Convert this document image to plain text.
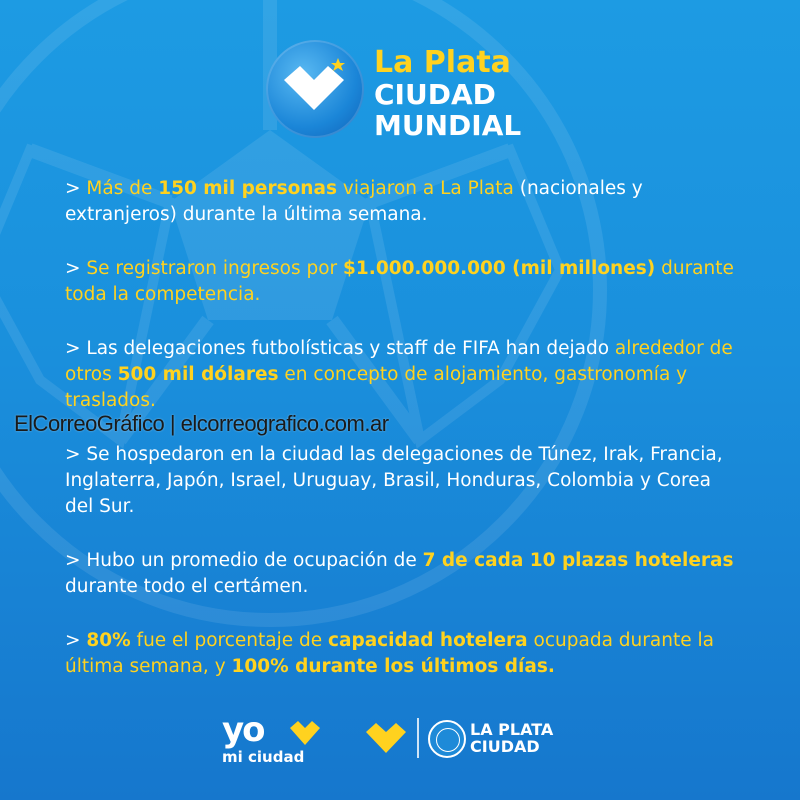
La Plata
CIUDAD
MUNDIAL

> Más de 150 mil personas viajaron a La Plata (nacionales y extranjeros) durante la última semana.

> Se registraron ingresos por $1.000.000.000 (mil millones) durante toda la competencia.

> Las delegaciones futbolísticas y staff de FIFA han dejado alrededor de otros 500 mil dólares en concepto de alojamiento, gastronomía y traslados.

> Se hospedaron en la ciudad las delegaciones de Túnez, Irak, Francia, Inglaterra, Japón, Israel, Uruguay, Brasil, Honduras, Colombia y Corea del Sur.

> Hubo un promedio de ocupación de 7 de cada 10 plazas hoteleras durante todo el certámen.

> 80% fue el porcentaje de capacidad hotelera ocupada durante la última semana, y 100% durante los últimos días.

ElCorreoGráfico | elcorreografico.com.ar
yo
mi ciudad
LA PLATA
CIUDAD
